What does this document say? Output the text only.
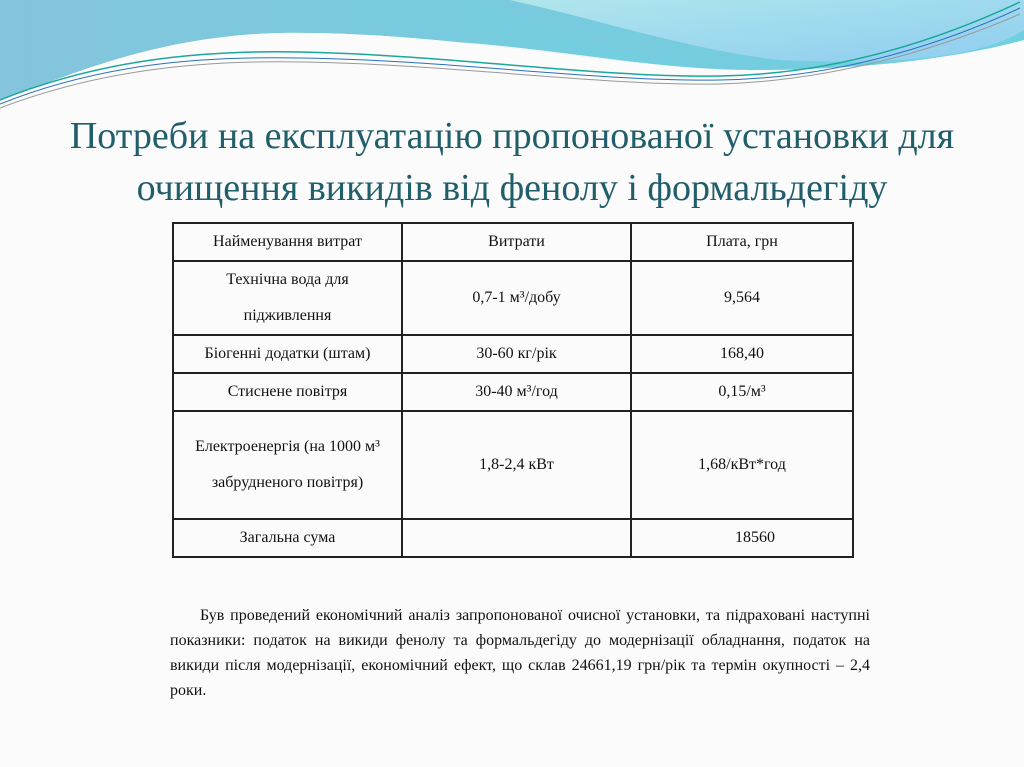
Потреби на експлуатацію пропонованої установки для
очищення викидів від фенолу і формальдегіду
Найменування витрат	Витрати	Плата, грн
Технічна вода для підживлення	0,7-1 м³/добу	9,564
Біогенні додатки (штам)	30-60 кг/рік	168,40
Стиснене повітря	30-40 м³/год	0,15/м³
Електроенергія (на 1000 м³ забрудненого повітря)	1,8-2,4 кВт	1,68/кВт*год
Загальна сума		18560
Був проведений економічний аналіз запропонованої очисної установки, та підраховані наступні показники: податок на викиди фенолу та формальдегіду до модернізації обладнання, податок на викиди після модернізації, економічний ефект, що склав 24661,19 грн/рік та термін окупності – 2,4 роки.
